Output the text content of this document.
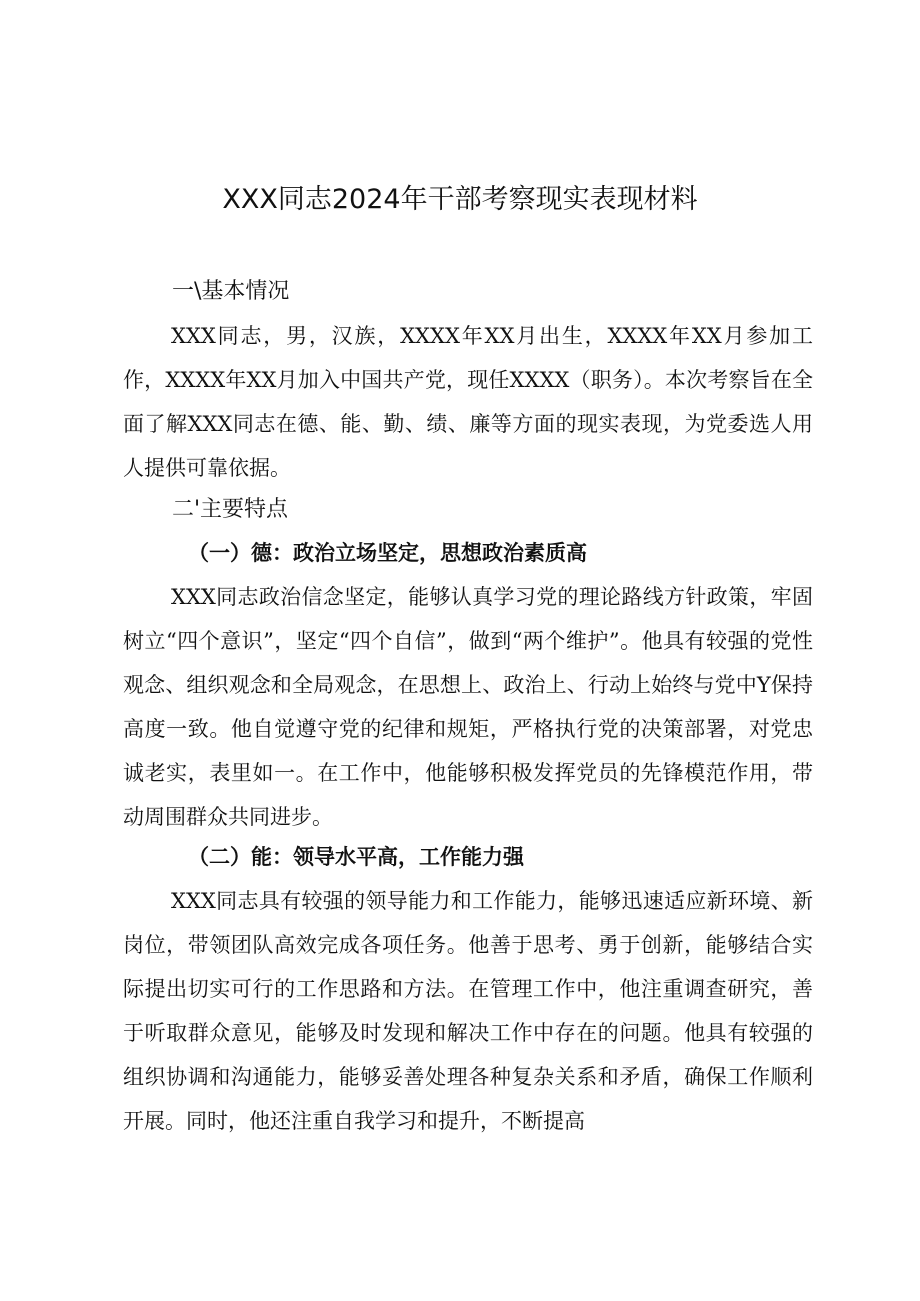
XXX同志2024年干部考察现实表现材料
一\基本情况

XXX同志，男，汉族，XXXX年XX月出生，XXXX年XX月参加工作，XXXX年XX月加入中国共产党，现任XXXX（职务）。本次考察旨在全面了解XXX同志在德、能、勤、绩、廉等方面的现实表现，为党委选人用人提供可靠依据。

二'主要特点
（一）德：政治立场坚定，思想政治素质高

XXX同志政治信念坚定，能够认真学习党的理论路线方针政策，牢固树立“四个意识”，坚定“四个自信”，做到“两个维护”。他具有较强的党性观念、组织观念和全局观念，在思想上、政治上、行动上始终与党中Y保持高度一致。他自觉遵守党的纪律和规矩，严格执行党的决策部署，对党忠诚老实，表里如一。在工作中，他能够积极发挥党员的先锋模范作用，带动周围群众共同进步。

（二）能：领导水平高，工作能力强

XXX同志具有较强的领导能力和工作能力，能够迅速适应新环境、新岗位，带领团队高效完成各项任务。他善于思考、勇于创新，能够结合实际提出切实可行的工作思路和方法。在管理工作中，他注重调查研究，善于听取群众意见，能够及时发现和解决工作中存在的问题。他具有较强的组织协调和沟通能力，能够妥善处理各种复杂关系和矛盾，确保工作顺利开展。同时，他还注重自我学习和提升，不断提高
